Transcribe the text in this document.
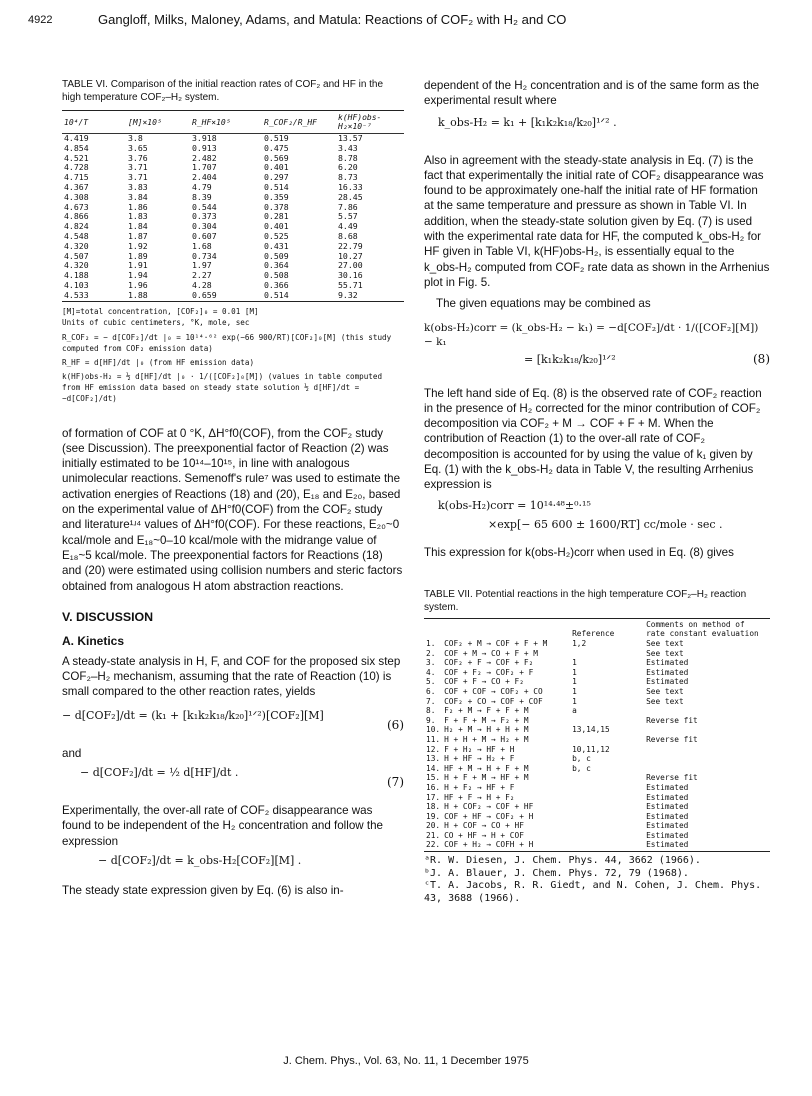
4922	Gangloff, Milks, Maloney, Adams, and Matula: Reactions of COF₂ with H₂ and CO

TABLE VI. Comparison of the initial reaction rates of COF₂ and HF in the high temperature COF₂–H₂ system.

10⁴/T	[M]×10⁵	R_HF×10⁵	R_COF₂/R_HF	k(HF)obs-H₂×10⁻⁷
4.419	3.8	3.918	0.519	13.57
4.854	3.65	0.913	0.475	3.43
4.521	3.76	2.482	0.569	8.78
4.728	3.71	1.707	0.401	6.20
4.715	3.71	2.404	0.297	8.73
4.367	3.83	4.79	0.514	16.33
4.308	3.84	8.39	0.359	28.45
4.673	1.86	0.544	0.378	7.86
4.866	1.83	0.373	0.281	5.57
4.824	1.84	0.304	0.401	4.49
4.548	1.87	0.607	0.525	8.68
4.320	1.92	1.68	0.431	22.79
4.507	1.89	0.734	0.509	10.27
4.320	1.91	1.97	0.364	27.00
4.188	1.94	2.27	0.508	30.16
4.103	1.96	4.28	0.366	55.71
4.533	1.88	0.659	0.514	9.32

[M]=total concentration, [COF₂]₀ = 0.01 [M]

Units of cubic centimeters, °K, mole, sec

R_COF₂ = − d[COF₂]/dt |₀ = 10¹⁴·⁶² exp(−66 900/RT)[COF₂]₀[M] (this study computed from COF₂ emission data)

R_HF = d[HF]/dt |₀ (from HF emission data)

k(HF)obs-H₂ = ½ d[HF]/dt |₀ · 1/([COF₂]₀[M]) (values in table computed from HF emission data based on steady state solution ½ d[HF]/dt = −d[COF₂]/dt)

of formation of COF at 0 °K, ΔH°f0(COF), from the COF₂ study (see Discussion). The preexponential factor of Reaction (2) was initially estimated to be 10¹⁴–10¹⁵, in line with analogous unimolecular reactions. Semenoff's rule⁷ was used to estimate the activation energies of Reactions (18) and (20), E₁₈ and E₂₀, based on the experimental value of ΔH°f0(COF) from the COF₂ study and literature¹ʴ⁴ values of ΔH°f0(COF). For these reactions, E₂₀~0 kcal/mole and E₁₈~0–10 kcal/mole with the midrange value of E₁₈~5 kcal/mole. The preexponential factors for Reactions (18) and (20) were estimated using collision numbers and steric factors obtained from analogous H atom abstraction reactions.

V. DISCUSSION
A. Kinetics

A steady-state analysis in H, F, and COF for the proposed six step COF₂–H₂ mechanism, assuming that the rate of Reaction (10) is small compared to the other reaction rates, yields

− d[COF₂]/dt = (k₁ + [k₁k₂k₁₈/k₂₀]¹ᐟ²)[COF₂][M]
(6)

and

− d[COF₂]/dt = ½ d[HF]/dt .
(7)

Experimentally, the over-all rate of COF₂ disappearance was found to be independent of the H₂ concentration and follow the expression

− d[COF₂]/dt = k_obs-H₂[COF₂][M] .

The steady state expression given by Eq. (6) is also in-

dependent of the H₂ concentration and is of the same form as the experimental result where

k_obs-H₂ = k₁ + [k₁k₂k₁₈/k₂₀]¹ᐟ² .

Also in agreement with the steady-state analysis in Eq. (7) is the fact that experimentally the initial rate of COF₂ disappearance was found to be approximately one-half the initial rate of HF formation at the same temperature and pressure as shown in Table VI. In addition, when the steady-state solution given by Eq. (7) is used with the experimental rate data for HF, the computed k_obs-H₂ for HF given in Table VI, k(HF)obs-H₂, is essentially equal to the k_obs-H₂ computed from COF₂ rate data as shown in the Arrhenius plot in Fig. 5.

The given equations may be combined as

k(obs-H₂)corr = (k_obs-H₂ − k₁) = −d[COF₂]/dt · 1/([COF₂][M]) − k₁
= [k₁k₂k₁₈/k₂₀]¹ᐟ²	(8)

The left hand side of Eq. (8) is the observed rate of COF₂ reaction in the presence of H₂ corrected for the minor contribution of COF₂ decomposition via COF₂ + M → COF + F + M. When the contribution of Reaction (1) to the over-all rate of COF₂ decomposition is accounted for by using the value of k₁ given by Eq. (1) with the k_obs-H₂ data in Table V, the resulting Arrhenius expression is

k(obs-H₂)corr = 10¹⁴·⁴⁸±⁰·¹⁵
×exp[− 65 600 ± 1600/RT] cc/mole · sec .

This expression for k(obs-H₂)corr when used in Eq. (8) gives

TABLE VII. Potential reactions in the high temperature COF₂–H₂ reaction system.

		Reference	Comments on method of rate constant evaluation
1.	COF₂ + M → COF + F + M	1,2	See text
2.	COF + M → CO + F + M		See text
3.	COF₂ + F → COF + F₂	1	Estimated
4.	COF + F₂ → COF₂ + F	1	Estimated
5.	COF + F → CO + F₂	1	Estimated
6.	COF + COF → COF₂ + CO	1	See text
7.	COF₂ + CO → COF + COF	1	See text
8.	F₂ + M → F + F + M	a	
9.	F + F + M → F₂ + M		Reverse fit
10.	H₂ + M → H + H + M	13,14,15	
11.	H + H + M → H₂ + M		Reverse fit
12.	F + H₂ → HF + H	10,11,12	
13.	H + HF → H₂ + F	b, c	
14.	HF + M → H + F + M	b, c	
15.	H + F + M → HF + M		Reverse fit
16.	H + F₂ → HF + F		Estimated
17.	HF + F → H + F₂		Estimated
18.	H + COF₂ → COF + HF		Estimated
19.	COF + HF → COF₂ + H		Estimated
20.	H + COF → CO + HF		Estimated
21.	CO + HF → H + COF		Estimated
22.	COF + H₂ → COFH + H		Estimated

ᵃR. W. Diesen, J. Chem. Phys. 44, 3662 (1966).

ᵇJ. A. Blauer, J. Chem. Phys. 72, 79 (1968).

ᶜT. A. Jacobs, R. R. Giedt, and N. Cohen, J. Chem. Phys. 43, 3688 (1966).

J. Chem. Phys., Vol. 63, No. 11, 1 December 1975
